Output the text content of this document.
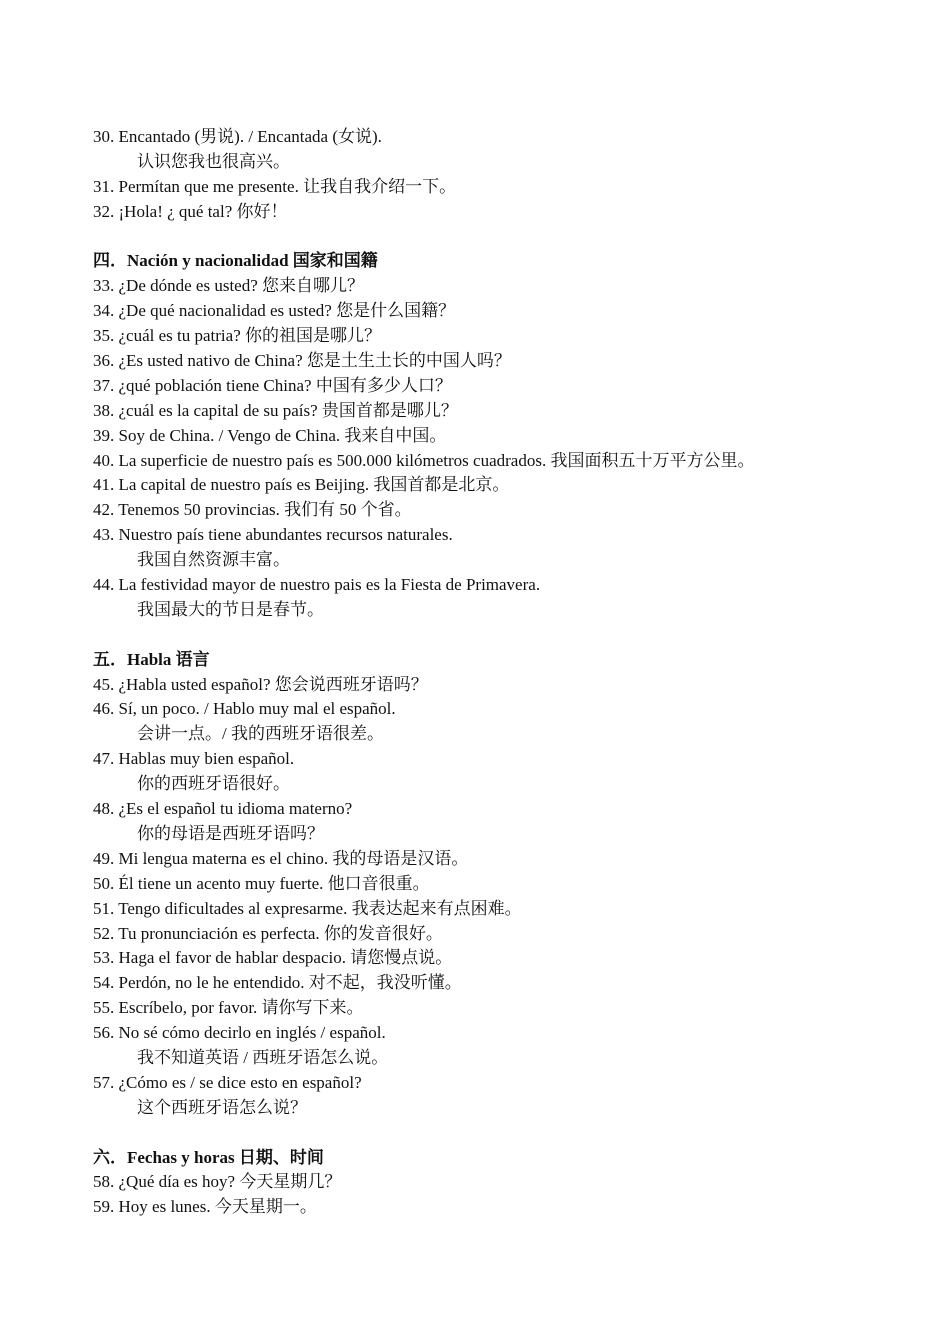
30. Encantado (男说). / Encantada (女说).

认识您我也很高兴。

31. Permítan que me presente. 让我自我介绍一下。

32. ¡Hola! ¿ qué tal? 你好！

四．Nación y nacionalidad 国家和国籍

33. ¿De dónde es usted? 您来自哪儿？

34. ¿De qué nacionalidad es usted? 您是什么国籍？

35. ¿cuál es tu patria? 你的祖国是哪儿？

36. ¿Es usted nativo de China? 您是土生土长的中国人吗？

37. ¿qué población tiene China? 中国有多少人口？

38. ¿cuál es la capital de su país? 贵国首都是哪儿？

39. Soy de China. / Vengo de China. 我来自中国。

40. La superficie de nuestro país es 500.000 kilómetros cuadrados. 我国面积五十万平方公里。

41. La capital de nuestro país es Beijing. 我国首都是北京。

42. Tenemos 50 provincias. 我们有 50 个省。

43. Nuestro país tiene abundantes recursos naturales.

我国自然资源丰富。

44. La festividad mayor de nuestro pais es la Fiesta de Primavera.

我国最大的节日是春节。

五．Habla 语言

45. ¿Habla usted español? 您会说西班牙语吗？

46. Sí, un poco. / Hablo muy mal el español.

会讲一点。/ 我的西班牙语很差。

47. Hablas muy bien español.

你的西班牙语很好。

48. ¿Es el español tu idioma materno?

你的母语是西班牙语吗？

49. Mi lengua materna es el chino. 我的母语是汉语。

50. Él tiene un acento muy fuerte. 他口音很重。

51. Tengo dificultades al expresarme. 我表达起来有点困难。

52. Tu pronunciación es perfecta. 你的发音很好。

53. Haga el favor de hablar despacio. 请您慢点说。

54. Perdón, no le he entendido. 对不起，我没听懂。

55. Escríbelo, por favor. 请你写下来。

56. No sé cómo decirlo en inglés / español.

我不知道英语 / 西班牙语怎么说。

57. ¿Cómo es / se dice esto en español?

这个西班牙语怎么说？

六．Fechas y horas 日期、时间

58. ¿Qué día es hoy? 今天星期几？

59. Hoy es lunes. 今天星期一。
